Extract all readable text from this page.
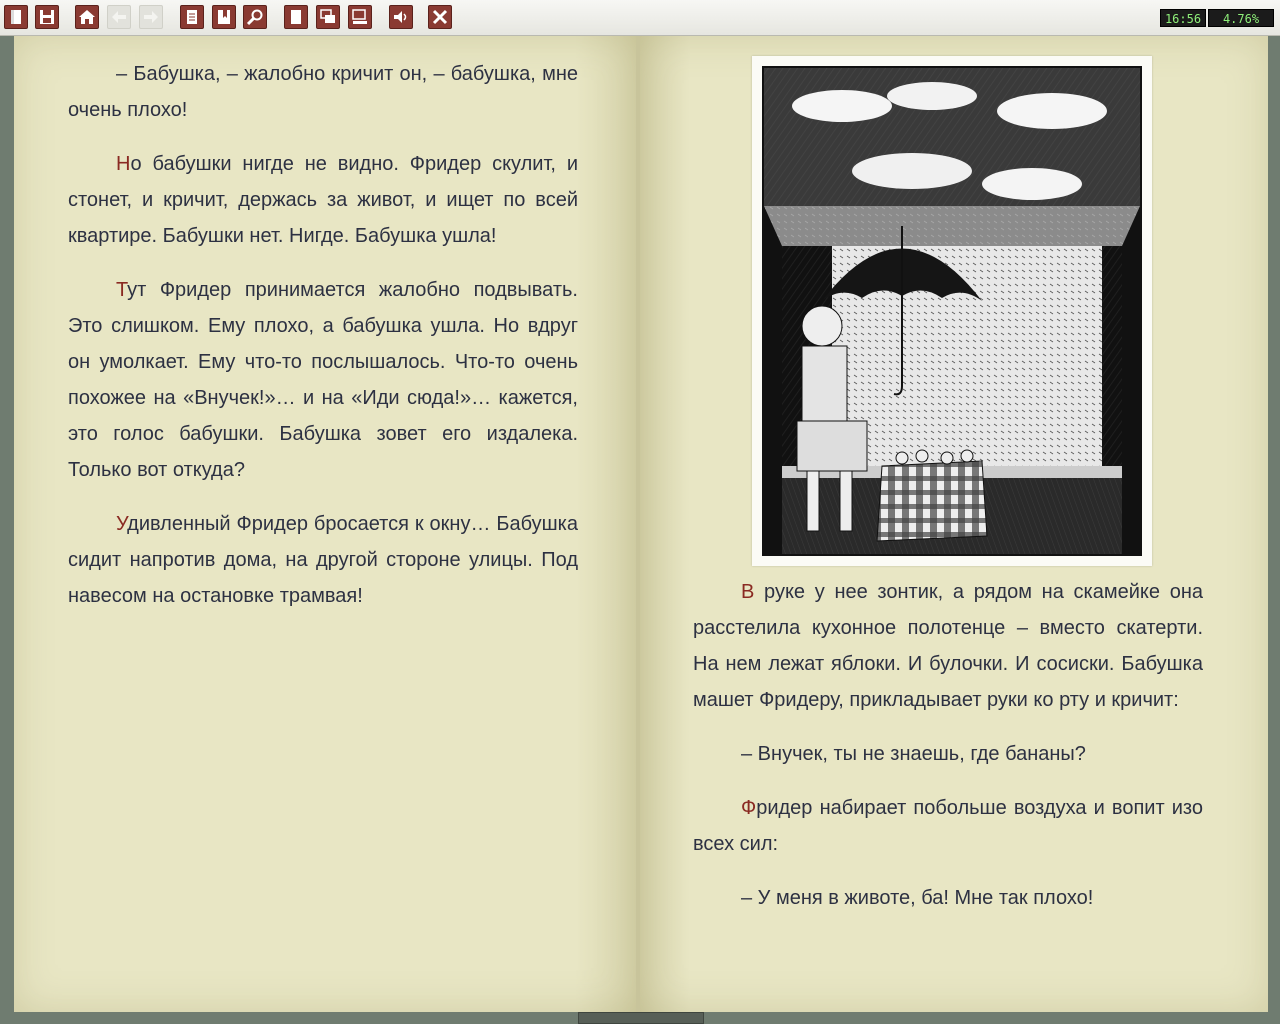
16:56	4.76%

– Бабушка, – жалобно кричит он, – бабушка, мне очень плохо!

Но бабушки нигде не видно. Фридер скулит, и стонет, и кричит, держась за живот, и ищет по всей квартире. Бабушки нет. Нигде. Бабушка ушла!

Тут Фридер принимается жалобно подвывать. Это слишком. Ему плохо, а бабушка ушла. Но вдруг он умолкает. Ему что-то послышалось. Что-то очень похожее на «Внучек!»… и на «Иди сюда!»… кажется, это голос бабушки. Бабушка зовет его издалека. Только вот откуда?

Удивленный Фридер бросается к окну… Бабушка сидит напротив дома, на другой стороне улицы. Под навесом на остановке трамвая!	В руке у нее зонтик, а рядом на скамейке она расстелила кухонное полотенце – вместо скатерти. На нем лежат яблоки. И булочки. И сосиски. Бабушка машет Фридеру, прикладывает руки ко рту и кричит:

– Внучек, ты не знаешь, где бананы?

Фридер набирает побольше воздуха и вопит изо всех сил:

– У меня в животе, ба! Мне так плохо!
